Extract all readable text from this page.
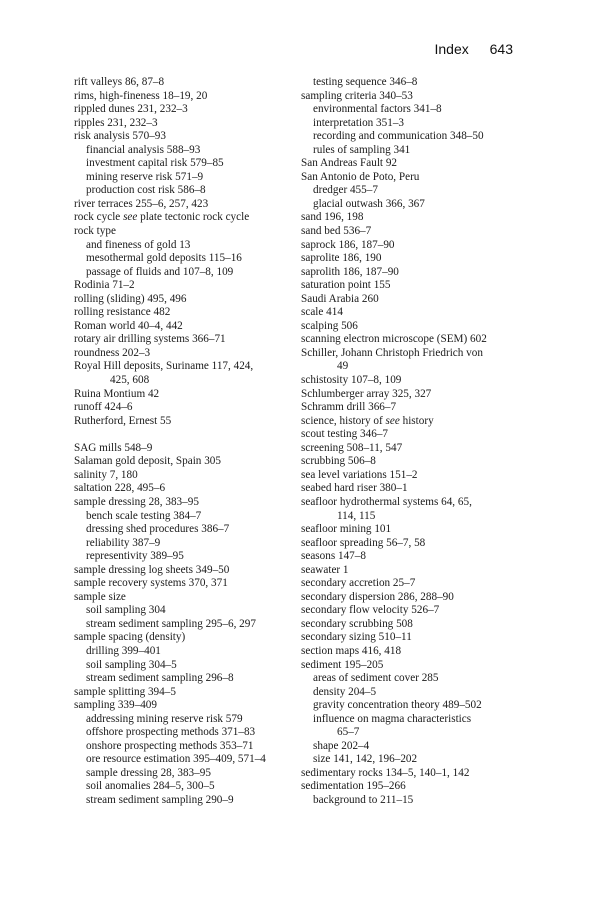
Index 643
rift valleys 86, 87–8
rims, high-fineness 18–19, 20
rippled dunes 231, 232–3
ripples 231, 232–3
risk analysis 570–93
financial analysis 588–93
investment capital risk 579–85
mining reserve risk 571–9
production cost risk 586–8
river terraces 255–6, 257, 423
rock cycle see plate tectonic rock cycle
rock type
and fineness of gold 13
mesothermal gold deposits 115–16
passage of fluids and 107–8, 109
Rodinia 71–2
rolling (sliding) 495, 496
rolling resistance 482
Roman world 40–4, 442
rotary air drilling systems 366–71
roundness 202–3
Royal Hill deposits, Suriname 117, 424,
425, 608
Ruina Montium 42
runoff 424–6
Rutherford, Ernest 55
SAG mills 548–9
Salaman gold deposit, Spain 305
salinity 7, 180
saltation 228, 495–6
sample dressing 28, 383–95
bench scale testing 384–7
dressing shed procedures 386–7
reliability 387–9
representivity 389–95
sample dressing log sheets 349–50
sample recovery systems 370, 371
sample size
soil sampling 304
stream sediment sampling 295–6, 297
sample spacing (density)
drilling 399–401
soil sampling 304–5
stream sediment sampling 296–8
sample splitting 394–5
sampling 339–409
addressing mining reserve risk 579
offshore prospecting methods 371–83
onshore prospecting methods 353–71
ore resource estimation 395–409, 571–4
sample dressing 28, 383–95
soil anomalies 284–5, 300–5
stream sediment sampling 290–9
testing sequence 346–8
sampling criteria 340–53
environmental factors 341–8
interpretation 351–3
recording and communication 348–50
rules of sampling 341
San Andreas Fault 92
San Antonio de Poto, Peru
dredger 455–7
glacial outwash 366, 367
sand 196, 198
sand bed 536–7
saprock 186, 187–90
saprolite 186, 190
saprolith 186, 187–90
saturation point 155
Saudi Arabia 260
scale 414
scalping 506
scanning electron microscope (SEM) 602
Schiller, Johann Christoph Friedrich von
49
schistosity 107–8, 109
Schlumberger array 325, 327
Schramm drill 366–7
science, history of see history
scout testing 346–7
screening 508–11, 547
scrubbing 506–8
sea level variations 151–2
seabed hard riser 380–1
seafloor hydrothermal systems 64, 65,
114, 115
seafloor mining 101
seafloor spreading 56–7, 58
seasons 147–8
seawater 1
secondary accretion 25–7
secondary dispersion 286, 288–90
secondary flow velocity 526–7
secondary scrubbing 508
secondary sizing 510–11
section maps 416, 418
sediment 195–205
areas of sediment cover 285
density 204–5
gravity concentration theory 489–502
influence on magma characteristics
65–7
shape 202–4
size 141, 142, 196–202
sedimentary rocks 134–5, 140–1, 142
sedimentation 195–266
background to 211–15
